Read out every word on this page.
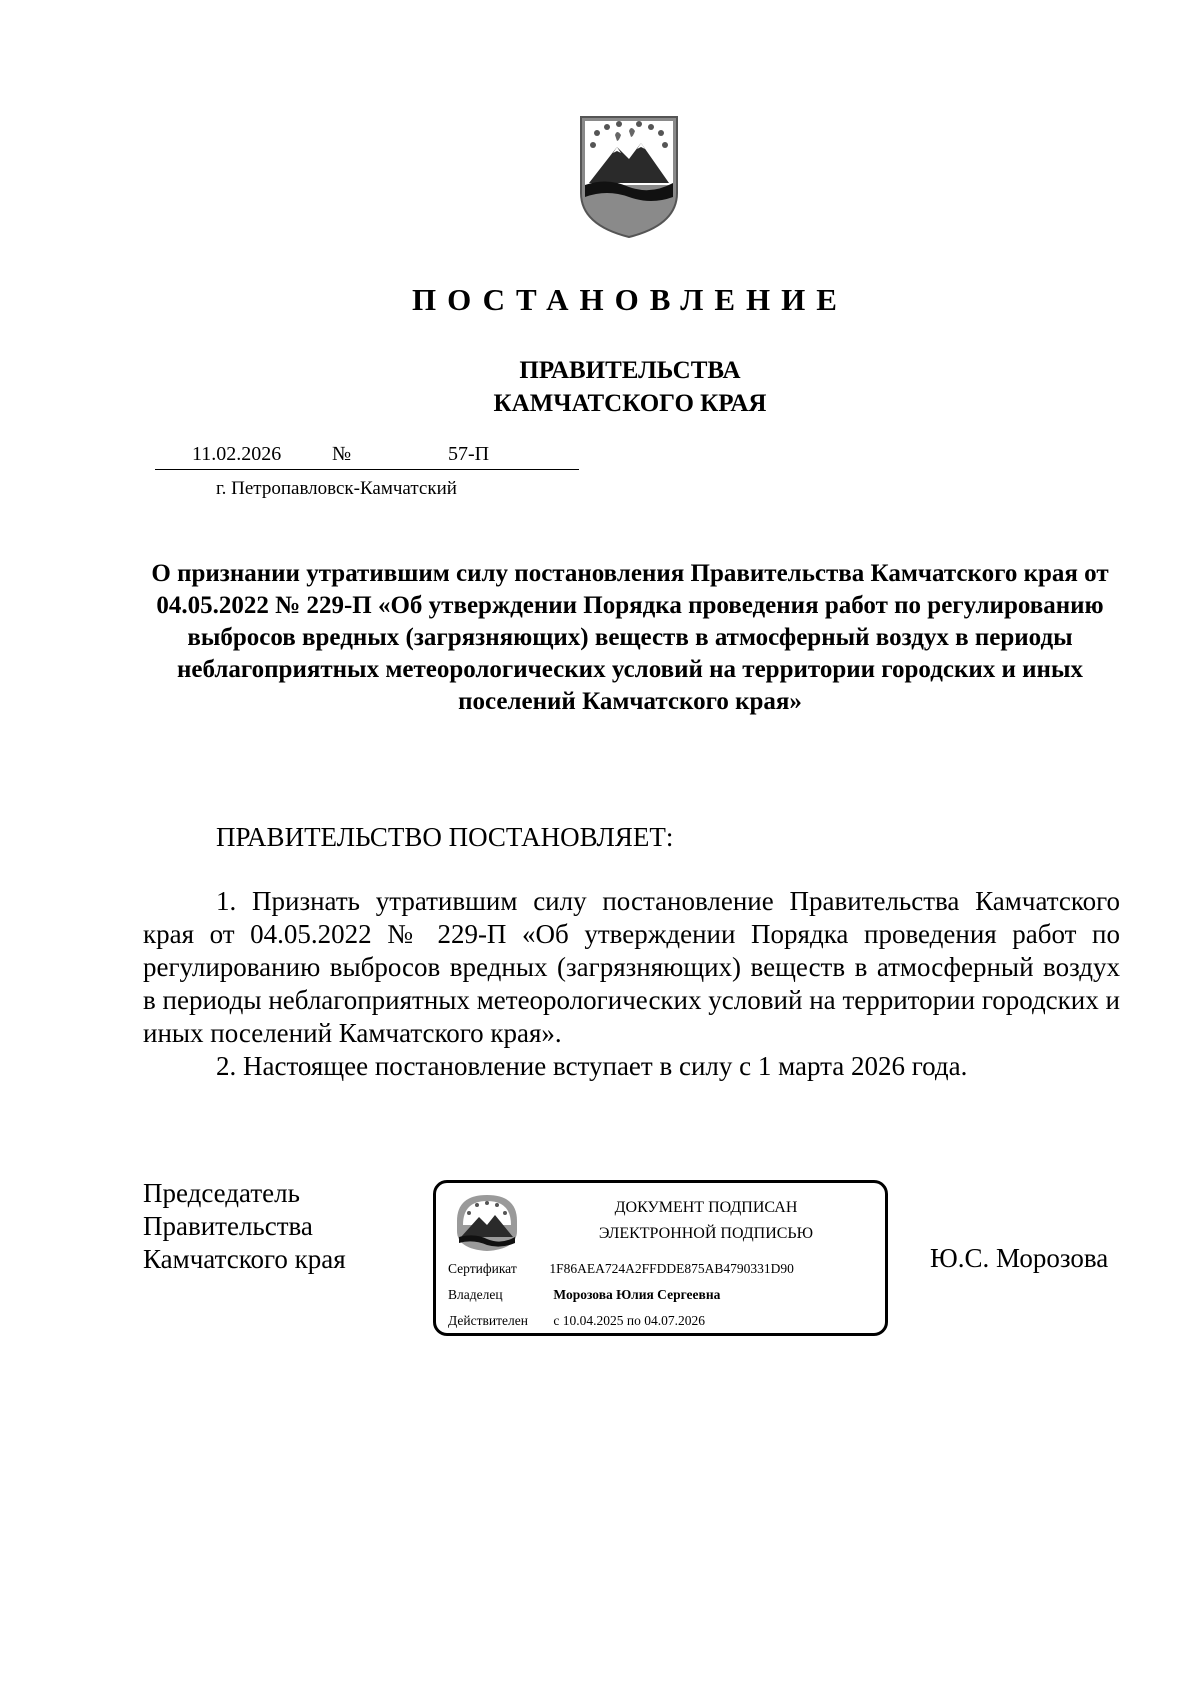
ПОСТАНОВЛЕНИЕ
ПРАВИТЕЛЬСТВА
КАМЧАТСКОГО КРАЯ
11.02.2026	№	57-П
г. Петропавловск-Камчатский
О признании утратившим силу постановления Правительства Камчатского края от 04.05.2022 № 229-П «Об утверждении Порядка проведения работ по регулированию выбросов вредных (загрязняющих) веществ в атмосферный воздух в периоды неблагоприятных метеорологических условий на территории городских и иных поселений Камчатского края»
ПРАВИТЕЛЬСТВО ПОСТАНОВЛЯЕТ:

1. Признать утратившим силу постановление Правительства Камчатского края от 04.05.2022 № 229-П «Об утверждении Порядка проведения работ по регулированию выбросов вредных (загрязняющих) веществ в атмосферный воздух в периоды неблагоприятных метеорологических условий на территории городских и иных поселений Камчатского края».

2. Настоящее постановление вступает в силу с 1 марта 2026 года.

Председатель
Правительства
Камчатского края
ДОКУМЕНТ ПОДПИСАН
ЭЛЕКТРОННОЙ ПОДПИСЬЮ
Сертификат 1F86AEA724A2FFDDE875AB4790331D90
Владелец	Морозова Юлия Сергеевна
Действителен с 10.04.2025 по 04.07.2026
Ю.С. Морозова
